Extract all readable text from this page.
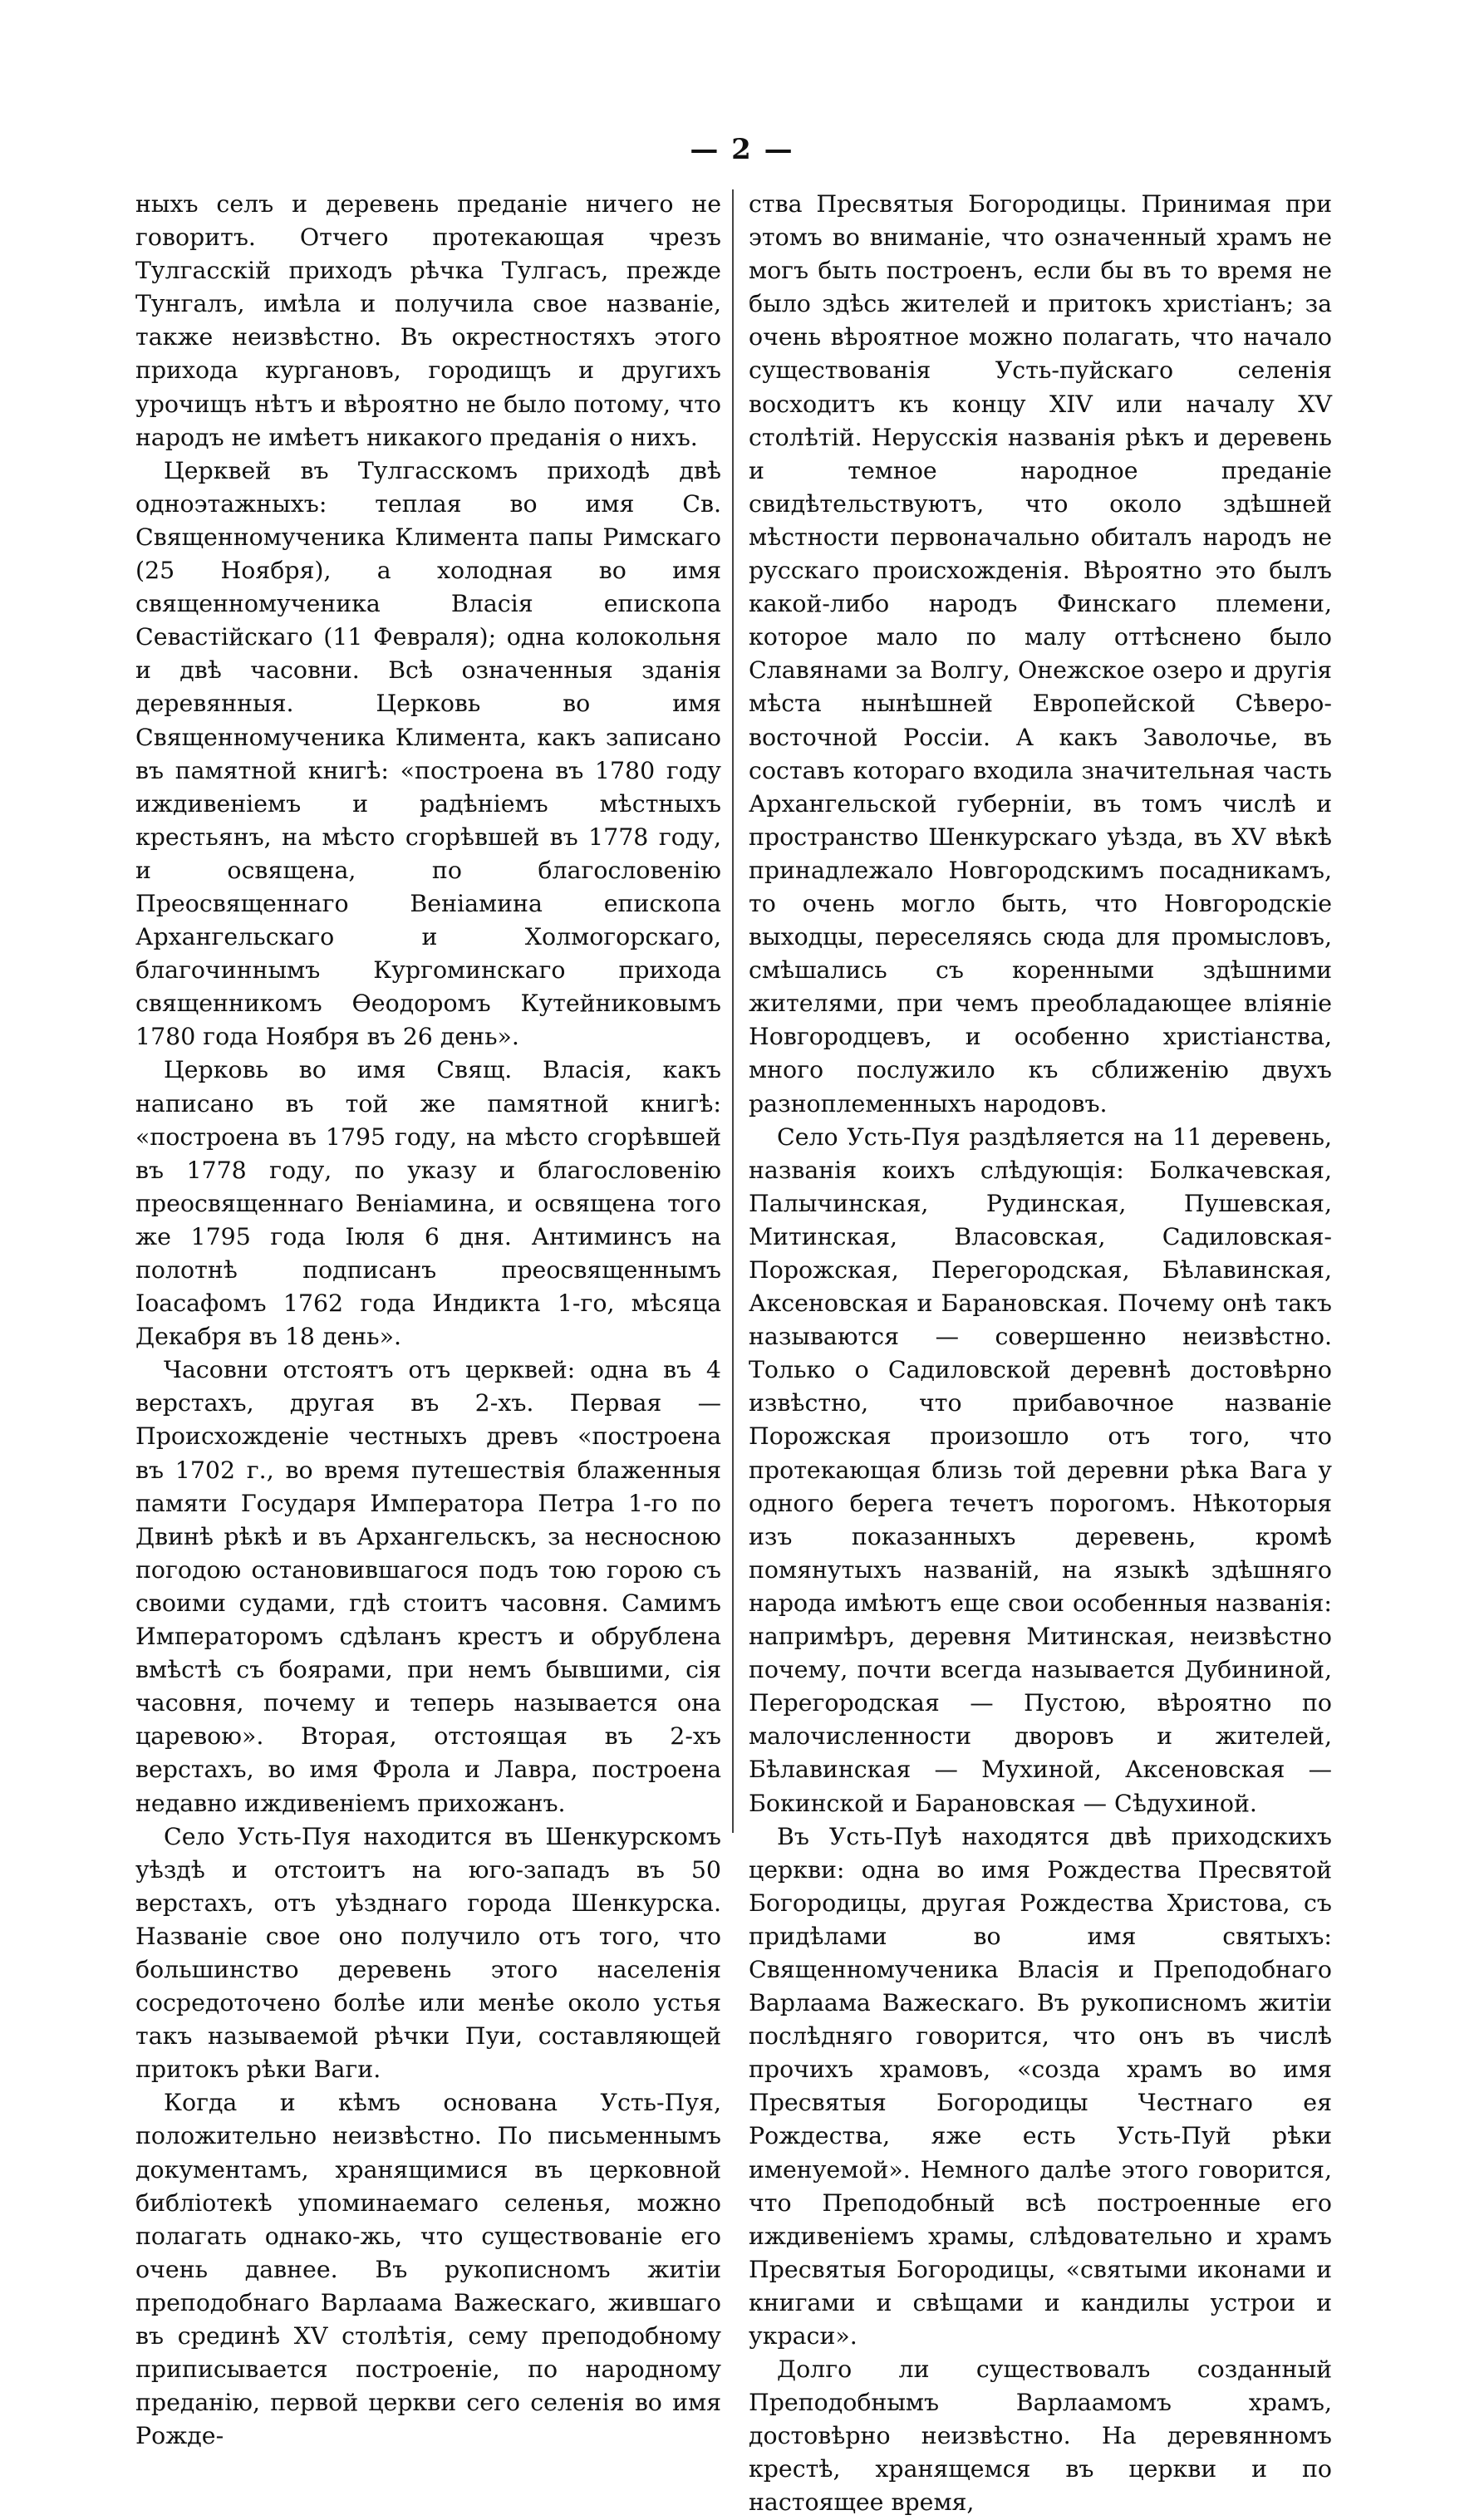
— 2 —

ныхъ селъ и деревень преданіе ничего не говоритъ. Отчего протекающая чрезъ Тулгасскій приходъ рѣчка Тулгасъ, прежде Тунгалъ, имѣла и получила свое названіе, также неизвѣстно. Въ окрестностяхъ этого прихода кургановъ, городищъ и другихъ урочищъ нѣтъ и вѣроятно не было потому, что народъ не имѣетъ никакого преданія о нихъ.

Церквей въ Тулгасскомъ приходѣ двѣ одноэтажныхъ: теплая во имя Св. Священномученика Климента папы Римскаго (25 Ноября), а холодная во имя священномученика Власія епископа Севастійскаго (11 Февраля); одна колокольня и двѣ часовни. Всѣ означенныя зданія деревянныя. Церковь во имя Священномученика Климента, какъ записано въ памятной книгѣ: «построена въ 1780 году иждивеніемъ и радѣніемъ мѣстныхъ крестьянъ, на мѣсто сгорѣвшей въ 1778 году, и освящена, по благословенію Преосвященнаго Веніамина епископа Архангельскаго и Холмогорскаго, благочиннымъ Кургоминскаго прихода священникомъ Ѳеодоромъ Кутейниковымъ 1780 года Ноября въ 26 день».

Церковь во имя Свящ. Власія, какъ написано въ той же памятной книгѣ: «построена въ 1795 году, на мѣсто сгорѣвшей въ 1778 году, по указу и благословенію преосвященнаго Веніамина, и освящена того же 1795 года Іюля 6 дня. Антиминсъ на полотнѣ подписанъ преосвященнымъ Іоасафомъ 1762 года Индикта 1-го, мѣсяца Декабря въ 18 день».

Часовни отстоятъ отъ церквей: одна въ 4 верстахъ, другая въ 2-хъ. Первая — Происхожденіе честныхъ древъ «построена въ 1702 г., во время путешествія блаженныя памяти Государя Императора Петра 1-го по Двинѣ рѣкѣ и въ Архангельскъ, за несносною погодою остановившагося подъ тою горою съ своими судами, гдѣ стоитъ часовня. Самимъ Императоромъ сдѣланъ крестъ и обрублена вмѣстѣ съ боярами, при немъ бывшими, сія часовня, почему и теперь называется она царевою». Вторая, отстоящая въ 2-хъ верстахъ, во имя Фрола и Лавра, построена недавно иждивеніемъ прихожанъ.

Село Усть-Пуя находится въ Шенкурскомъ уѣздѣ и отстоитъ на юго-западъ въ 50 верстахъ, отъ уѣзднаго города Шенкурска. Названіе свое оно получило отъ того, что большинство деревень этого населенія сосредоточено болѣе или менѣе около устья такъ называемой рѣчки Пуи, составляющей притокъ рѣки Ваги.

Когда и кѣмъ основана Усть-Пуя, положительно неизвѣстно. По письменнымъ документамъ, хранящимися въ церковной библіотекѣ упоминаемаго селенья, можно полагать однако-жь, что существованіе его очень давнее. Въ рукописномъ житіи преподобнаго Варлаама Важескаго, жившаго въ срединѣ XV столѣтія, сему преподобному приписывается построеніе, по народному преданію, первой церкви сего селенія во имя Рожде-

ства Пресвятыя Богородицы. Принимая при этомъ во вниманіе, что означенный храмъ не могъ быть построенъ, если бы въ то время не было здѣсь жителей и притокъ христіанъ; за очень вѣроятное можно полагать, что начало существованія Усть-пуйскаго селенія восходитъ къ концу XIV или началу XV столѣтій. Нерусскія названія рѣкъ и деревень и темное народное преданіе свидѣтельствуютъ, что около здѣшней мѣстности первоначально обиталъ народъ не русскаго происхожденія. Вѣроятно это былъ какой-либо народъ Финскаго племени, которое мало по малу оттѣснено было Славянами за Волгу, Онежское озеро и другія мѣста нынѣшней Европейской Сѣверо-восточной Россіи. А какъ Заволочье, въ составъ котораго входила значительная часть Архангельской губерніи, въ томъ числѣ и пространство Шенкурскаго уѣзда, въ XV вѣкѣ принадлежало Новгородскимъ посадникамъ, то очень могло быть, что Новгородскіе выходцы, переселяясь сюда для промысловъ, смѣшались съ коренными здѣшними жителями, при чемъ преобладающее вліяніе Новгородцевъ, и особенно христіанства, много послужило къ сближенію двухъ разноплеменныхъ народовъ.

Село Усть-Пуя раздѣляется на 11 деревень, названія коихъ слѣдующія: Болкачевская, Палычинская, Рудинская, Пушевская, Митинская, Власовская, Садиловская-Порожская, Перегородская, Бѣлавинская, Аксеновская и Барановская. Почему онѣ такъ называются — совершенно неизвѣстно. Только о Садиловской деревнѣ достовѣрно извѣстно, что прибавочное названіе Порожская произошло отъ того, что протекающая близь той деревни рѣка Вага у одного берега течетъ порогомъ. Нѣкоторыя изъ показанныхъ деревень, кромѣ помянутыхъ названій, на языкѣ здѣшняго народа имѣютъ еще свои особенныя названія: напримѣръ, деревня Митинская, неизвѣстно почему, почти всегда называется Дубининой, Перегородская — Пустою, вѣроятно по малочисленности дворовъ и жителей, Бѣлавинская — Мухиной, Аксеновская — Бокинской и Барановская — Сѣдухиной.

Въ Усть-Пуѣ находятся двѣ приходскихъ церкви: одна во имя Рождества Пресвятой Богородицы, другая Рождества Христова, съ придѣлами во имя святыхъ: Священномученика Власія и Преподобнаго Варлаама Важескаго. Въ рукописномъ житіи послѣдняго говорится, что онъ въ числѣ прочихъ храмовъ, «созда храмъ во имя Пресвятыя Богородицы Честнаго ея Рождества, яже есть Усть-Пуй рѣки именуемой». Немного далѣе этого говорится, что Преподобный всѣ построенные его иждивеніемъ храмы, слѣдовательно и храмъ Пресвятыя Богородицы, «святыми иконами и книгами и свѣщами и кандилы устрои и украси».

Долго ли существовалъ созданный Преподобнымъ Варлаамомъ храмъ, достовѣрно неизвѣстно. На деревянномъ крестѣ, хранящемся въ церкви и по настоящее время,
